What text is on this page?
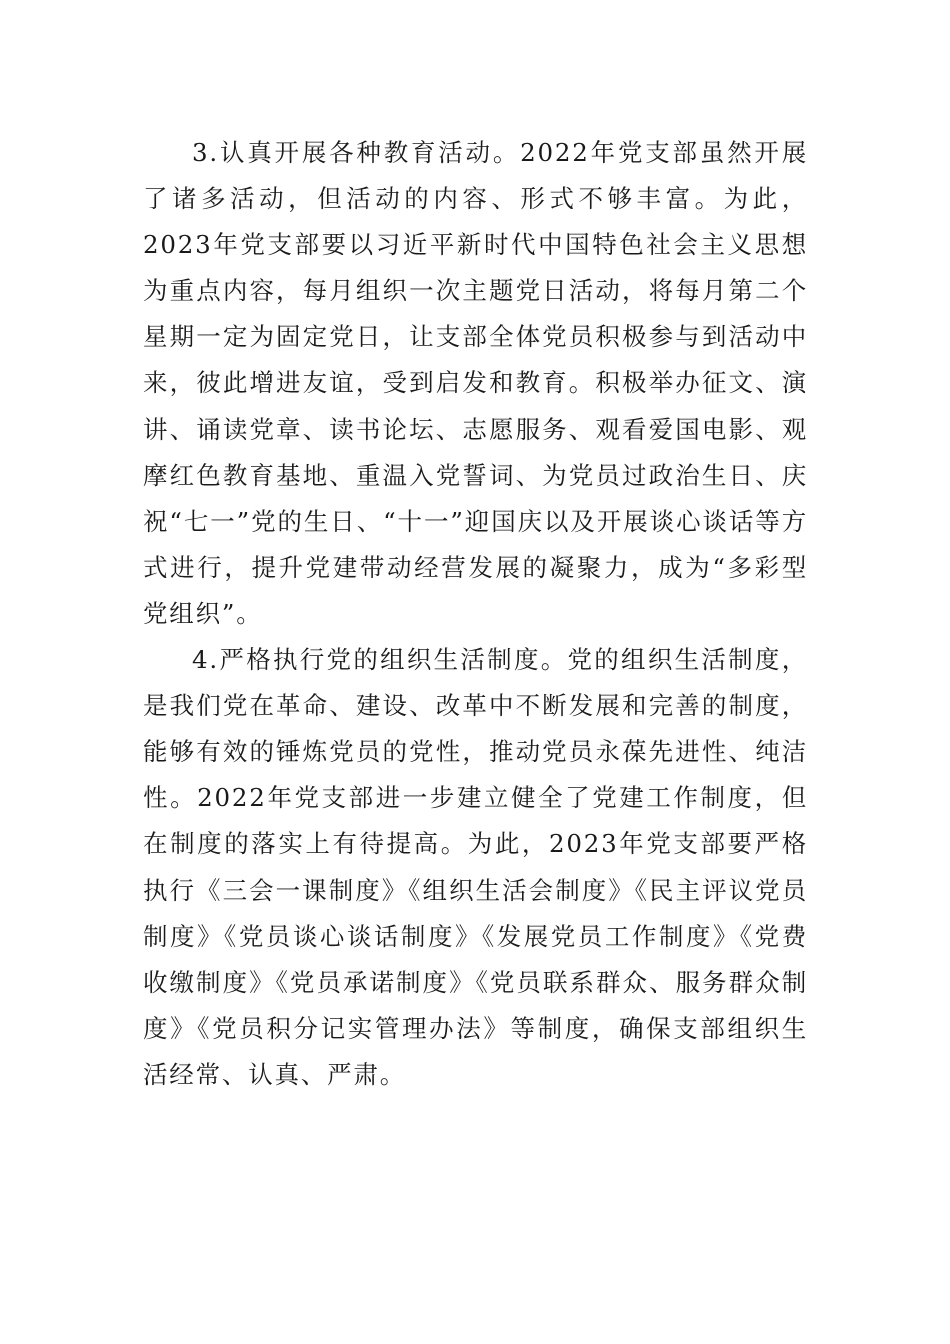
3.认真开展各种教育活动。2022年党支部虽然开展了诸多活动，但活动的内容、形式不够丰富。为此，2023年党支部要以习近平新时代中国特色社会主义思想为重点内容，每月组织一次主题党日活动，将每月第二个星期一定为固定党日，让支部全体党员积极参与到活动中来，彼此增进友谊，受到启发和教育。积极举办征文、演讲、诵读党章、读书论坛、志愿服务、观看爱国电影、观摩红色教育基地、重温入党誓词、为党员过政治生日、庆祝“七一”党的生日、“十一”迎国庆以及开展谈心谈话等方式进行，提升党建带动经营发展的凝聚力，成为“多彩型党组织”。

4.严格执行党的组织生活制度。党的组织生活制度，是我们党在革命、建设、改革中不断发展和完善的制度，能够有效的锤炼党员的党性，推动党员永葆先进性、纯洁性。2022年党支部进一步建立健全了党建工作制度，但在制度的落实上有待提高。为此，2023年党支部要严格执行《三会一课制度》《组织生活会制度》《民主评议党员制度》《党员谈心谈话制度》《发展党员工作制度》《党费收缴制度》《党员承诺制度》《党员联系群众、服务群众制度》《党员积分记实管理办法》等制度，确保支部组织生活经常、认真、严肃。
